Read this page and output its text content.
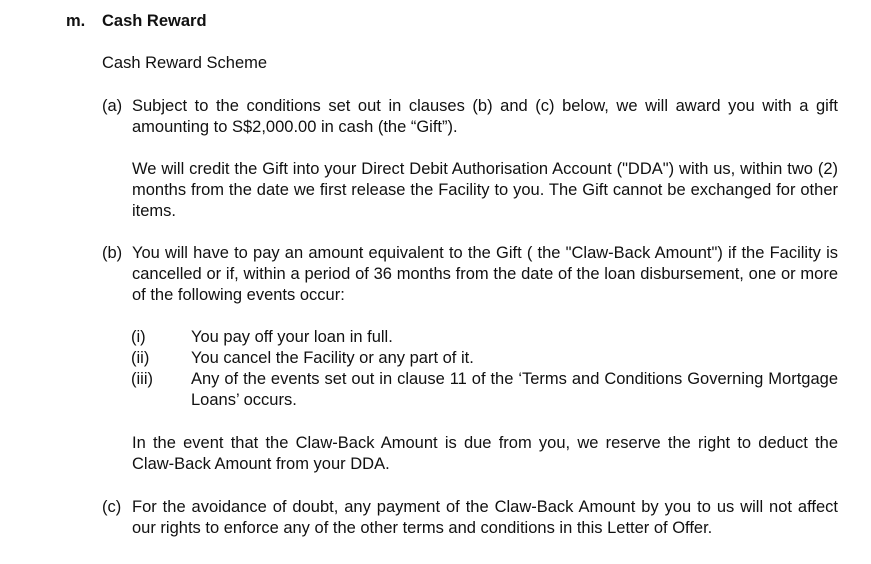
m. Cash Reward
Cash Reward Scheme
(a) Subject to the conditions set out in clauses (b) and (c) below, we will award you with a gift amounting to S$2,000.00 in cash (the “Gift”).

We will credit the Gift into your Direct Debit Authorisation Account ("DDA") with us, within two (2) months from the date we first release the Facility to you. The Gift cannot be exchanged for other items.

(b) You will have to pay an amount equivalent to the Gift ( the "Claw-Back Amount") if the Facility is cancelled or if, within a period of 36 months from the date of the loan disbursement, one or more of the following events occur:

(i)	You pay off your loan in full.
(ii)	You cancel the Facility or any part of it.
(iii) Any of the events set out in clause 11 of the ‘Terms and Conditions Governing Mortgage Loans’ occurs.

In the event that the Claw-Back Amount is due from you, we reserve the right to deduct the Claw-Back Amount from your DDA.

(c) For the avoidance of doubt, any payment of the Claw-Back Amount by you to us will not affect our rights to enforce any of the other terms and conditions in this Letter of Offer.
